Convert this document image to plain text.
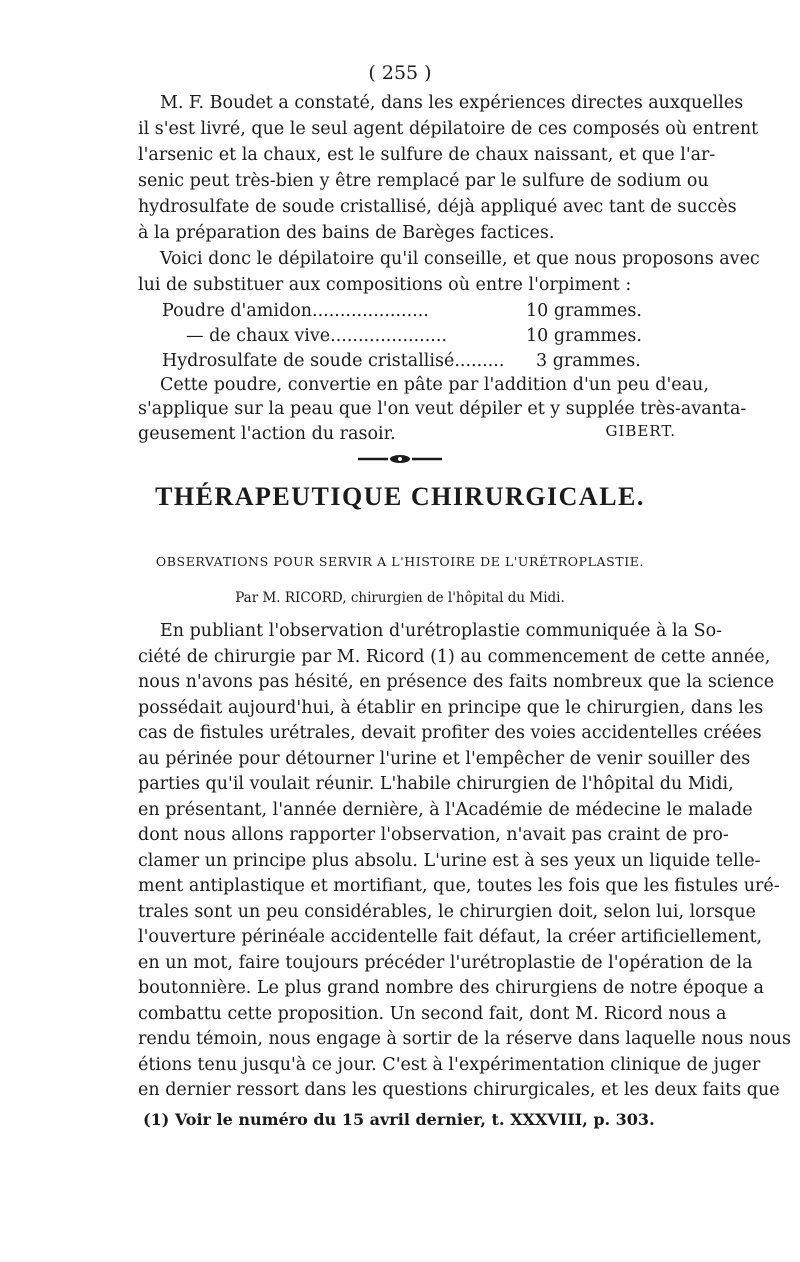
( 255 )
M. F. Boudet a constaté, dans les expériences directes auxquelles
il s'est livré, que le seul agent dépilatoire de ces composés où entrent
l'arsenic et la chaux, est le sulfure de chaux naissant, et que l'ar-
senic peut très-bien y être remplacé par le sulfure de sodium ou
hydrosulfate de soude cristallisé, déjà appliqué avec tant de succès
à la préparation des bains de Barèges factices.
Voici donc le dépilatoire qu'il conseille, et que nous proposons avec
lui de substituer aux compositions où entre l'orpiment :
Poudre d'amidon.....................	10 grammes.
— de chaux vive.....................	10 grammes.
Hydrosulfate de soude cristallisé......... 3 grammes.
Cette poudre, convertie en pâte par l'addition d'un peu d'eau,
s'applique sur la peau que l'on veut dépiler et y supplée très-avanta-
geusement l'action du rasoir.	GIBERT.
THÉRAPEUTIQUE CHIRURGICALE.
OBSERVATIONS POUR SERVIR A L'HISTOIRE DE L'URÉTROPLASTIE.
Par M. RICORD, chirurgien de l'hôpital du Midi.
En publiant l'observation d'urétroplastie communiquée à la So-
ciété de chirurgie par M. Ricord (1) au commencement de cette année,
nous n'avons pas hésité, en présence des faits nombreux que la science
possédait aujourd'hui, à établir en principe que le chirurgien, dans les
cas de fistules urétrales, devait profiter des voies accidentelles créées
au périnée pour détourner l'urine et l'empêcher de venir souiller des
parties qu'il voulait réunir. L'habile chirurgien de l'hôpital du Midi,
en présentant, l'année dernière, à l'Académie de médecine le malade
dont nous allons rapporter l'observation, n'avait pas craint de pro-
clamer un principe plus absolu. L'urine est à ses yeux un liquide telle-
ment antiplastique et mortifiant, que, toutes les fois que les fistules uré-
trales sont un peu considérables, le chirurgien doit, selon lui, lorsque
l'ouverture périnéale accidentelle fait défaut, la créer artificiellement,
en un mot, faire toujours précéder l'urétroplastie de l'opération de la
boutonnière. Le plus grand nombre des chirurgiens de notre époque a
combattu cette proposition. Un second fait, dont M. Ricord nous a
rendu témoin, nous engage à sortir de la réserve dans laquelle nous nous
étions tenu jusqu'à ce jour. C'est à l'expérimentation clinique de juger
en dernier ressort dans les questions chirurgicales, et les deux faits que
(1) Voir le numéro du 15 avril dernier, t. XXXVIII, p. 303.
